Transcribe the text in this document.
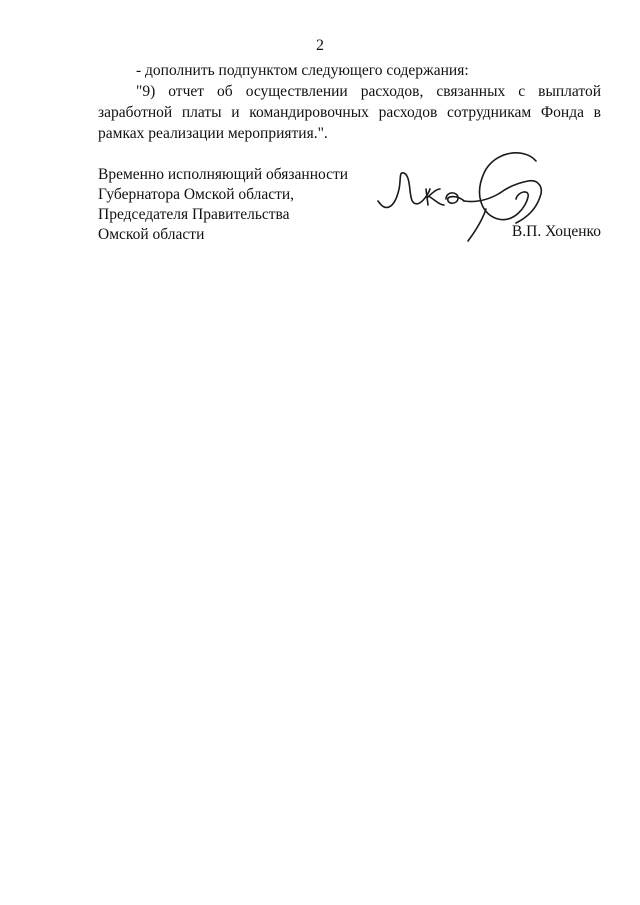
2

- дополнить подпунктом следующего содержания:

"9) отчет об осуществлении расходов, связанных с выплатой заработной платы и командировочных расходов сотрудникам Фонда в рамках реализации мероприятия.".

Временно исполняющий обязанности
Губернатора Омской области,
Председателя Правительства
Омской области	В.П. Хоценко
